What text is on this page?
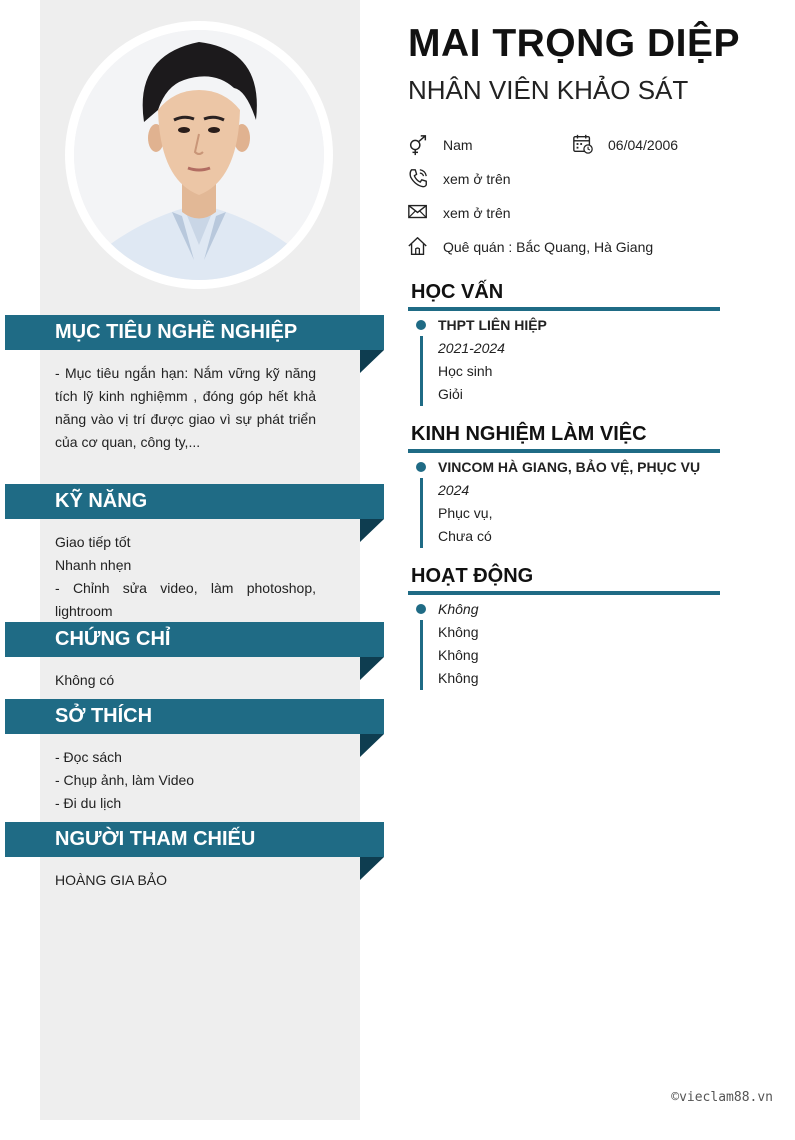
MỤC TIÊU NGHỀ NGHIỆP

- Mục tiêu ngắn hạn: Nắm vững kỹ năng tích lỹ kinh nghiệmm , đóng góp hết khả năng vào vị trí được giao vì sự phát triển của cơ quan, công ty,...

KỸ NĂNG

Giao tiếp tốt

Nhanh nhẹn

- Chỉnh sửa video, làm photoshop, lightroom

CHỨNG CHỈ

Không có

SỞ THÍCH

- Đọc sách

- Chụp ảnh, làm Video

- Đi du lịch

NGƯỜI THAM CHIẾU

HOÀNG GIA BẢO

MAI TRỌNG DIỆP
NHÂN VIÊN KHẢO SÁT
Nam	06/04/2006
xem ở trên
xem ở trên
Quê quán : Bắc Quang, Hà Giang
HỌC VẤN
THPT LIÊN HIỆP
2021-2024
Học sinh
Giỏi
KINH NGHIỆM LÀM VIỆC
VINCOM HÀ GIANG, BẢO VỆ, PHỤC VỤ
2024
Phục vụ,
Chưa có
HOẠT ĐỘNG
Không
Không
Không
Không
©vieclam88.vn
